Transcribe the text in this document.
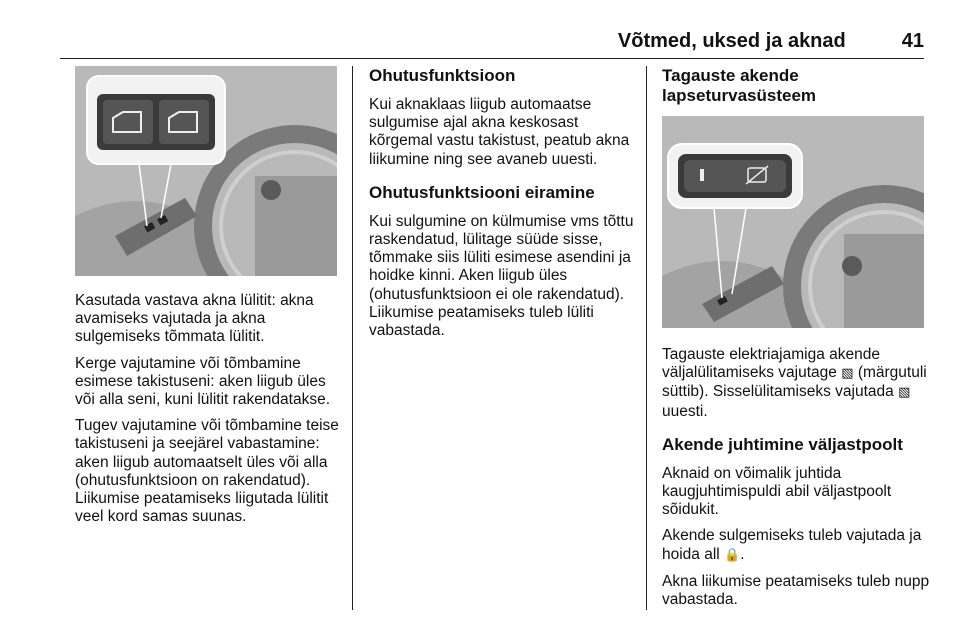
Võtmed, uksed ja aknad	41

Kasutada vastava akna lülitit: akna avamiseks vajutada ja akna sulgemiseks tõmmata lülitit.

Kerge vajutamine või tõmbamine esimese takistuseni: aken liigub üles või alla seni, kuni lülitit rakendatakse.

Tugev vajutamine või tõmbamine teise takistuseni ja seejärel vabastamine: aken liigub automaatselt üles või alla (ohutusfunktsioon on rakendatud). Liikumise peatamiseks liigutada lülitit veel kord samas suunas.

Ohutusfunktsioon

Kui aknaklaas liigub automaatse sulgumise ajal akna keskosast kõrgemal vastu takistust, peatub akna liikumine ning see avaneb uuesti.

Ohutusfunktsiooni eiramine

Kui sulgumine on külmumise vms tõttu raskendatud, lülitage süüde sisse, tõmmake siis lüliti esimese asendini ja hoidke kinni. Aken liigub üles (ohutusfunktsioon ei ole rakendatud). Liikumise peatamiseks tuleb lüliti vabastada.

Tagauste akende lapseturvasüsteem

Tagauste elektriajamiga akende väljalülitamiseks vajutage ▧ (märgutuli süttib). Sisselülitamiseks vajutada ▧ uuesti.

Akende juhtimine väljastpoolt

Aknaid on võimalik juhtida kaugjuhtimispuldi abil väljastpoolt sõidukit.

Akende sulgemiseks tuleb vajutada ja hoida all 🔒.

Akna liikumise peatamiseks tuleb nupp vabastada.
